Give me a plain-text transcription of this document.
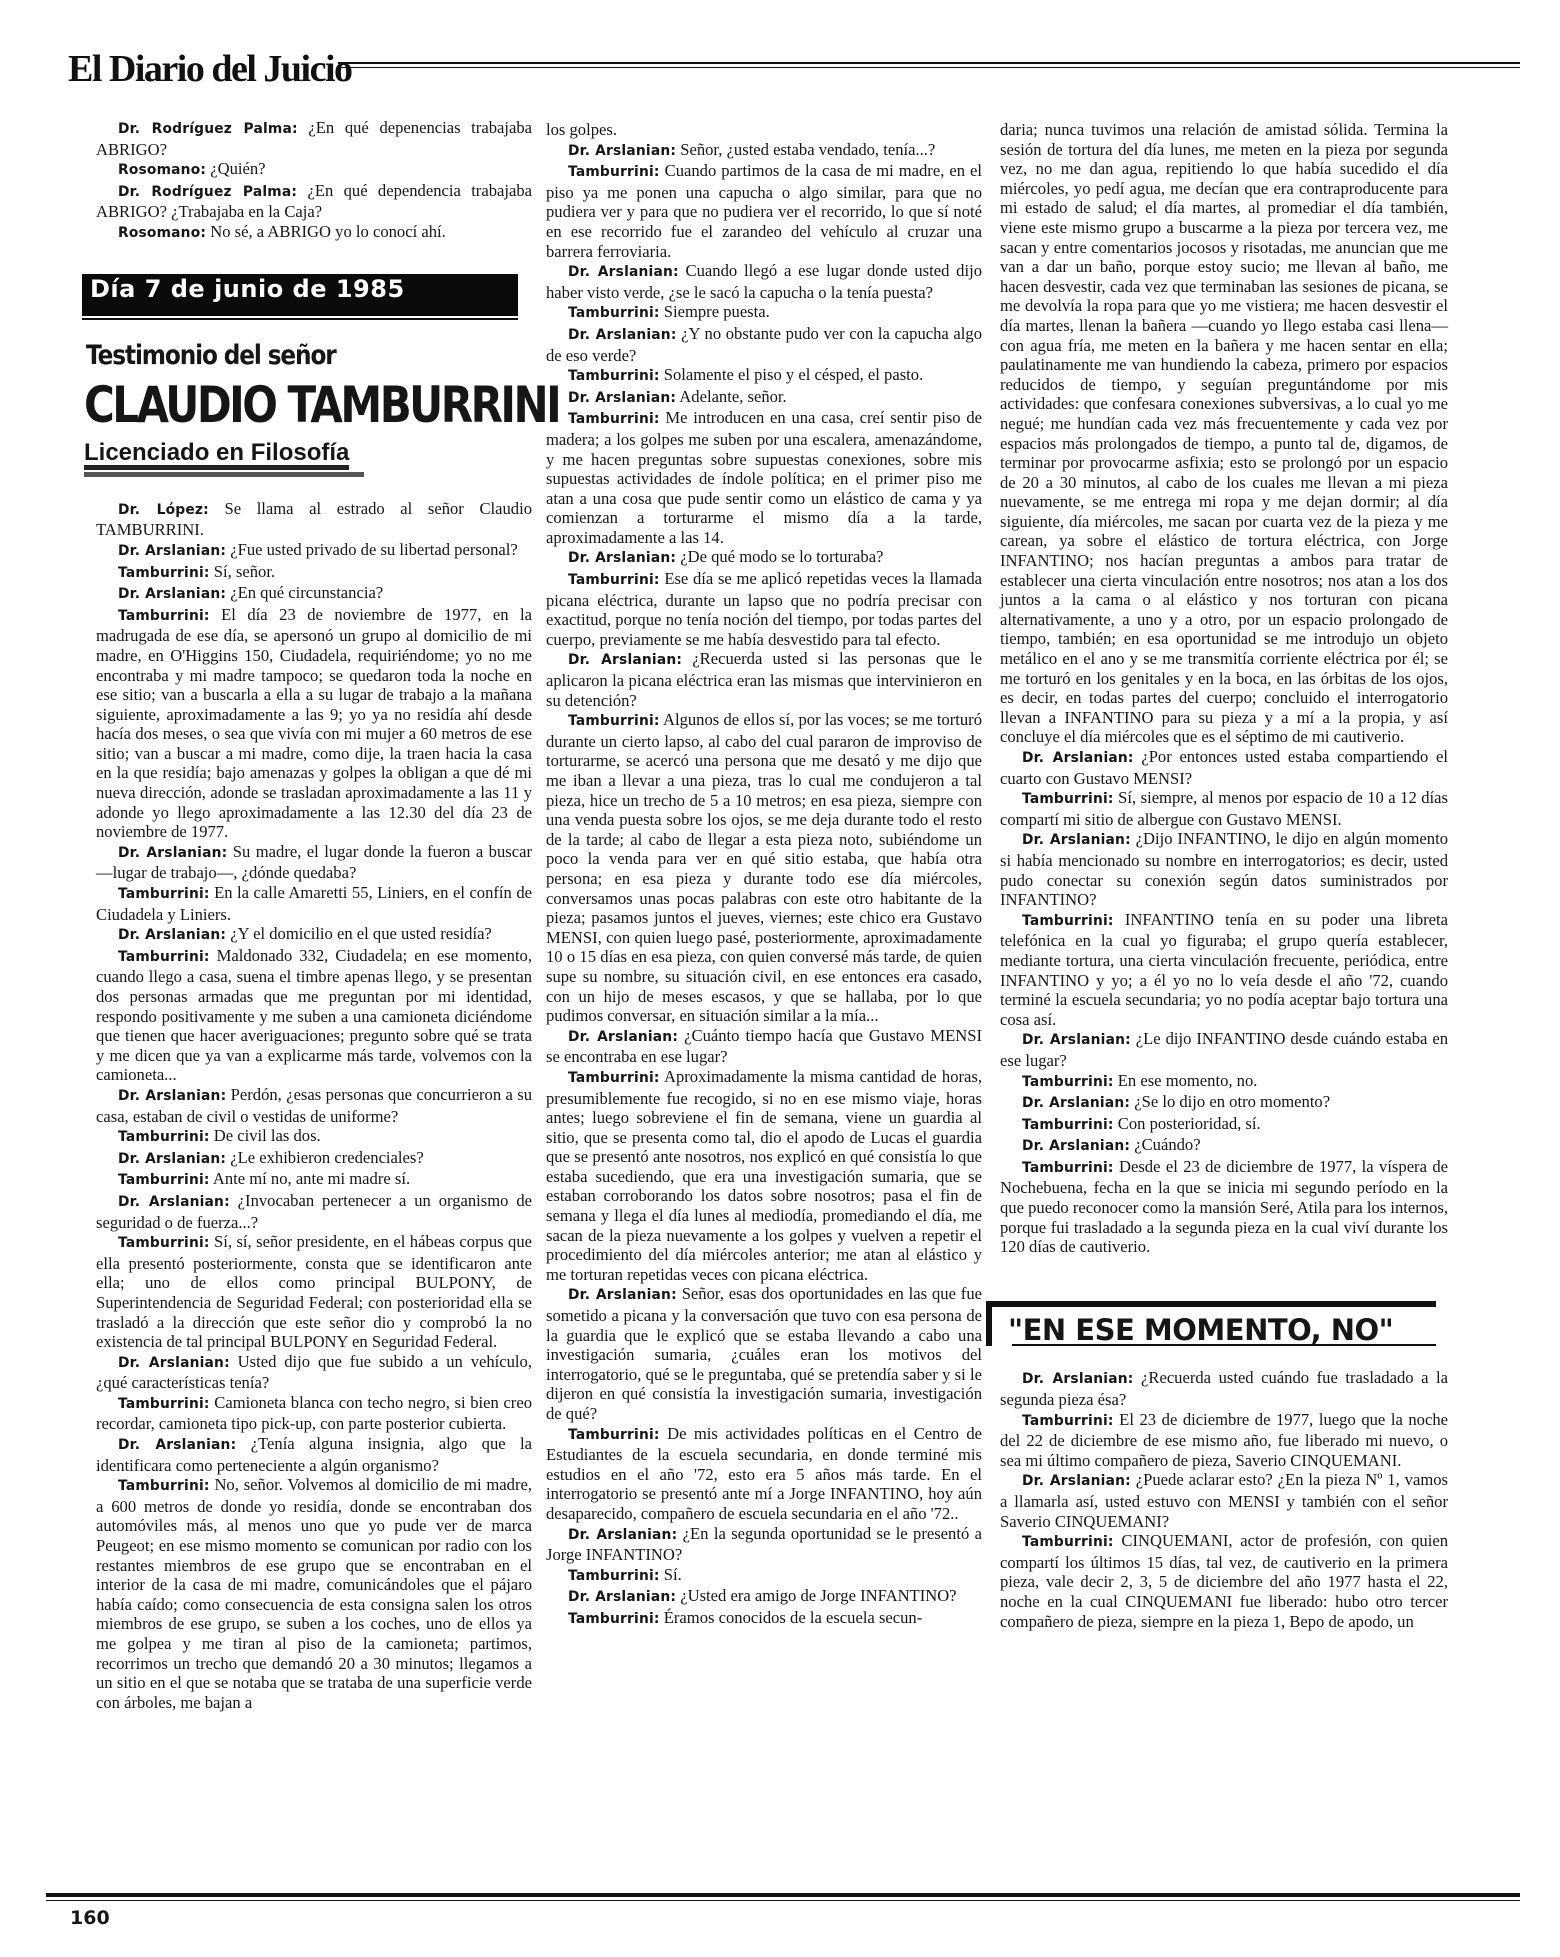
El Diario del Juicio

Dr. Rodríguez Palma: ¿En qué depenencias trabajaba ABRIGO?

Rosomano: ¿Quién?

Dr. Rodríguez Palma: ¿En qué dependencia trabajaba ABRIGO? ¿Trabajaba en la Caja?

Rosomano: No sé, a ABRIGO yo lo conocí ahí.

Día 7 de junio de 1985
Testimonio del señor
CLAUDIO TAMBURRINI
Licenciado en Filosofía

Dr. López: Se llama al estrado al señor Claudio TAMBURRINI.

Dr. Arslanian: ¿Fue usted privado de su libertad personal?

Tamburrini: Sí, señor.

Dr. Arslanian: ¿En qué circunstancia?

Tamburrini: El día 23 de noviembre de 1977, en la madrugada de ese día, se apersonó un grupo al domicilio de mi madre, en O'Higgins 150, Ciudadela, requiriéndome; yo no me encontraba y mi madre tampoco; se quedaron toda la noche en ese sitio; van a buscarla a ella a su lugar de trabajo a la mañana siguiente, aproximadamente a las 9; yo ya no residía ahí desde hacía dos meses, o sea que vivía con mi mujer a 60 metros de ese sitio; van a buscar a mi madre, como dije, la traen hacia la casa en la que residía; bajo amenazas y golpes la obligan a que dé mi nueva dirección, adonde se trasladan aproximadamente a las 11 y adonde yo llego aproximadamente a las 12.30 del día 23 de noviembre de 1977.

Dr. Arslanian: Su madre, el lugar donde la fueron a buscar —lugar de trabajo—, ¿dónde quedaba?

Tamburrini: En la calle Amaretti 55, Liniers, en el confín de Ciudadela y Liniers.

Dr. Arslanian: ¿Y el domicilio en el que usted residía?

Tamburrini: Maldonado 332, Ciudadela; en ese momento, cuando llego a casa, suena el timbre apenas llego, y se presentan dos personas armadas que me preguntan por mi identidad, respondo positivamente y me suben a una camioneta diciéndome que tienen que hacer averiguaciones; pregunto sobre qué se trata y me dicen que ya van a explicarme más tarde, volvemos con la camioneta...

Dr. Arslanian: Perdón, ¿esas personas que concurrieron a su casa, estaban de civil o vestidas de uniforme?

Tamburrini: De civil las dos.

Dr. Arslanian: ¿Le exhibieron credenciales?

Tamburrini: Ante mí no, ante mi madre sí.

Dr. Arslanian: ¿Invocaban pertenecer a un organismo de seguridad o de fuerza...?

Tamburrini: Sí, sí, señor presidente, en el hábeas corpus que ella presentó posteriormente, consta que se identificaron ante ella; uno de ellos como principal BULPONY, de Superintendencia de Seguridad Federal; con posterioridad ella se trasladó a la dirección que este señor dio y comprobó la no existencia de tal principal BULPONY en Seguridad Federal.

Dr. Arslanian: Usted dijo que fue subido a un vehículo, ¿qué características tenía?

Tamburrini: Camioneta blanca con techo negro, si bien creo recordar, camioneta tipo pick-up, con parte posterior cubierta.

Dr. Arslanian: ¿Tenía alguna insignia, algo que la identificara como perteneciente a algún organismo?

Tamburrini: No, señor. Volvemos al domicilio de mi madre, a 600 metros de donde yo residía, donde se encontraban dos automóviles más, al menos uno que yo pude ver de marca Peugeot; en ese mismo momento se comunican por radio con los restantes miembros de ese grupo que se encontraban en el interior de la casa de mi madre, comunicándoles que el pájaro había caído; como consecuencia de esta consigna salen los otros miembros de ese grupo, se suben a los coches, uno de ellos ya me golpea y me tiran al piso de la camioneta; partimos, recorrimos un trecho que demandó 20 a 30 minutos; llegamos a un sitio en el que se notaba que se trataba de una superficie verde con árboles, me bajan a

los golpes.

Dr. Arslanian: Señor, ¿usted estaba vendado, tenía...?

Tamburrini: Cuando partimos de la casa de mi madre, en el piso ya me ponen una capucha o algo similar, para que no pudiera ver y para que no pudiera ver el recorrido, lo que sí noté en ese recorrido fue el zarandeo del vehículo al cruzar una barrera ferroviaria.

Dr. Arslanian: Cuando llegó a ese lugar donde usted dijo haber visto verde, ¿se le sacó la capucha o la tenía puesta?

Tamburrini: Siempre puesta.

Dr. Arslanian: ¿Y no obstante pudo ver con la capucha algo de eso verde?

Tamburrini: Solamente el piso y el césped, el pasto.

Dr. Arslanian: Adelante, señor.

Tamburrini: Me introducen en una casa, creí sentir piso de madera; a los golpes me suben por una escalera, amenazándome, y me hacen preguntas sobre supuestas conexiones, sobre mis supuestas actividades de índole política; en el primer piso me atan a una cosa que pude sentir como un elástico de cama y ya comienzan a torturarme el mismo día a la tarde, aproximadamente a las 14.

Dr. Arslanian: ¿De qué modo se lo torturaba?

Tamburrini: Ese día se me aplicó repetidas veces la llamada picana eléctrica, durante un lapso que no podría precisar con exactitud, porque no tenía noción del tiempo, por todas partes del cuerpo, previamente se me había desvestido para tal efecto.

Dr. Arslanian: ¿Recuerda usted si las personas que le aplicaron la picana eléctrica eran las mismas que intervinieron en su detención?

Tamburrini: Algunos de ellos sí, por las voces; se me torturó durante un cierto lapso, al cabo del cual pararon de improviso de torturarme, se acercó una persona que me desató y me dijo que me iban a llevar a una pieza, tras lo cual me condujeron a tal pieza, hice un trecho de 5 a 10 metros; en esa pieza, siempre con una venda puesta sobre los ojos, se me deja durante todo el resto de la tarde; al cabo de llegar a esta pieza noto, subiéndome un poco la venda para ver en qué sitio estaba, que había otra persona; en esa pieza y durante todo ese día miércoles, conversamos unas pocas palabras con este otro habitante de la pieza; pasamos juntos el jueves, viernes; este chico era Gustavo MENSI, con quien luego pasé, posteriormente, aproximadamente 10 o 15 días en esa pieza, con quien conversé más tarde, de quien supe su nombre, su situación civil, en ese entonces era casado, con un hijo de meses escasos, y que se hallaba, por lo que pudimos conversar, en situación similar a la mía...

Dr. Arslanian: ¿Cuánto tiempo hacía que Gustavo MENSI se encontraba en ese lugar?

Tamburrini: Aproximadamente la misma cantidad de horas, presumiblemente fue recogido, si no en ese mismo viaje, horas antes; luego sobreviene el fin de semana, viene un guardia al sitio, que se presenta como tal, dio el apodo de Lucas el guardia que se presentó ante nosotros, nos explicó en qué consistía lo que estaba sucediendo, que era una investigación sumaria, que se estaban corroborando los datos sobre nosotros; pasa el fin de semana y llega el día lunes al mediodía, promediando el día, me sacan de la pieza nuevamente a los golpes y vuelven a repetir el procedimiento del día miércoles anterior; me atan al elástico y me torturan repetidas veces con picana eléctrica.

Dr. Arslanian: Señor, esas dos oportunidades en las que fue sometido a picana y la conversación que tuvo con esa persona de la guardia que le explicó que se estaba llevando a cabo una investigación sumaria, ¿cuáles eran los motivos del interrogatorio, qué se le preguntaba, qué se pretendía saber y si le dijeron en qué consistía la investigación sumaria, investigación de qué?

Tamburrini: De mis actividades políticas en el Centro de Estudiantes de la escuela secundaria, en donde terminé mis estudios en el año '72, esto era 5 años más tarde. En el interrogatorio se presentó ante mí a Jorge INFANTINO, hoy aún desaparecido, compañero de escuela secundaria en el año '72..

Dr. Arslanian: ¿En la segunda oportunidad se le presentó a Jorge INFANTINO?

Tamburrini: Sí.

Dr. Arslanian: ¿Usted era amigo de Jorge INFANTINO?

Tamburrini: Éramos conocidos de la escuela secun-

daria; nunca tuvimos una relación de amistad sólida. Termina la sesión de tortura del día lunes, me meten en la pieza por segunda vez, no me dan agua, repitiendo lo que había sucedido el día miércoles, yo pedí agua, me decían que era contraproducente para mi estado de salud; el día martes, al promediar el día también, viene este mismo grupo a buscarme a la pieza por tercera vez, me sacan y entre comentarios jocosos y risotadas, me anuncian que me van a dar un baño, porque estoy sucio; me llevan al baño, me hacen desvestir, cada vez que terminaban las sesiones de picana, se me devolvía la ropa para que yo me vistiera; me hacen desvestir el día martes, llenan la bañera —cuando yo llego estaba casi llena— con agua fría, me meten en la bañera y me hacen sentar en ella; paulatinamente me van hundiendo la cabeza, primero por espacios reducidos de tiempo, y seguían preguntándome por mis actividades: que confesara conexiones subversivas, a lo cual yo me negué; me hundían cada vez más frecuentemente y cada vez por espacios más prolongados de tiempo, a punto tal de, digamos, de terminar por provocarme asfixia; esto se prolongó por un espacio de 20 a 30 minutos, al cabo de los cuales me llevan a mi pieza nuevamente, se me entrega mi ropa y me dejan dormir; al día siguiente, día miércoles, me sacan por cuarta vez de la pieza y me carean, ya sobre el elástico de tortura eléctrica, con Jorge INFANTINO; nos hacían preguntas a ambos para tratar de establecer una cierta vinculación entre nosotros; nos atan a los dos juntos a la cama o al elástico y nos torturan con picana alternativamente, a uno y a otro, por un espacio prolongado de tiempo, también; en esa oportunidad se me introdujo un objeto metálico en el ano y se me transmitía corriente eléctrica por él; se me torturó en los genitales y en la boca, en las órbitas de los ojos, es decir, en todas partes del cuerpo; concluido el interrogatorio llevan a INFANTINO para su pieza y a mí a la propia, y así concluye el día miércoles que es el séptimo de mi cautiverio.

Dr. Arslanian: ¿Por entonces usted estaba compartiendo el cuarto con Gustavo MENSI?

Tamburrini: Sí, siempre, al menos por espacio de 10 a 12 días compartí mi sitio de albergue con Gustavo MENSI.

Dr. Arslanian: ¿Dijo INFANTINO, le dijo en algún momento si había mencionado su nombre en interrogatorios; es decir, usted pudo conectar su conexión según datos suministrados por INFANTINO?

Tamburrini: INFANTINO tenía en su poder una libreta telefónica en la cual yo figuraba; el grupo quería establecer, mediante tortura, una cierta vinculación frecuente, periódica, entre INFANTINO y yo; a él yo no lo veía desde el año '72, cuando terminé la escuela secundaria; yo no podía aceptar bajo tortura una cosa así.

Dr. Arslanian: ¿Le dijo INFANTINO desde cuándo estaba en ese lugar?

Tamburrini: En ese momento, no.

Dr. Arslanian: ¿Se lo dijo en otro momento?

Tamburrini: Con posterioridad, sí.

Dr. Arslanian: ¿Cuándo?

Tamburrini: Desde el 23 de diciembre de 1977, la víspera de Nochebuena, fecha en la que se inicia mi segundo período en la que puedo reconocer como la mansión Seré, Atila para los internos, porque fui trasladado a la segunda pieza en la cual viví durante los 120 días de cautiverio.

"EN ESE MOMENTO, NO"

Dr. Arslanian: ¿Recuerda usted cuándo fue trasladado a la segunda pieza ésa?

Tamburrini: El 23 de diciembre de 1977, luego que la noche del 22 de diciembre de ese mismo año, fue liberado mi nuevo, o sea mi último compañero de pieza, Saverio CINQUEMANI.

Dr. Arslanian: ¿Puede aclarar esto? ¿En la pieza Nº 1, vamos a llamarla así, usted estuvo con MENSI y también con el señor Saverio CINQUEMANI?

Tamburrini: CINQUEMANI, actor de profesión, con quien compartí los últimos 15 días, tal vez, de cautiverio en la primera pieza, vale decir 2, 3, 5 de diciembre del año 1977 hasta el 22, noche en la cual CINQUEMANI fue liberado: hubo otro tercer compañero de pieza, siempre en la pieza 1, Bepo de apodo, un

160
